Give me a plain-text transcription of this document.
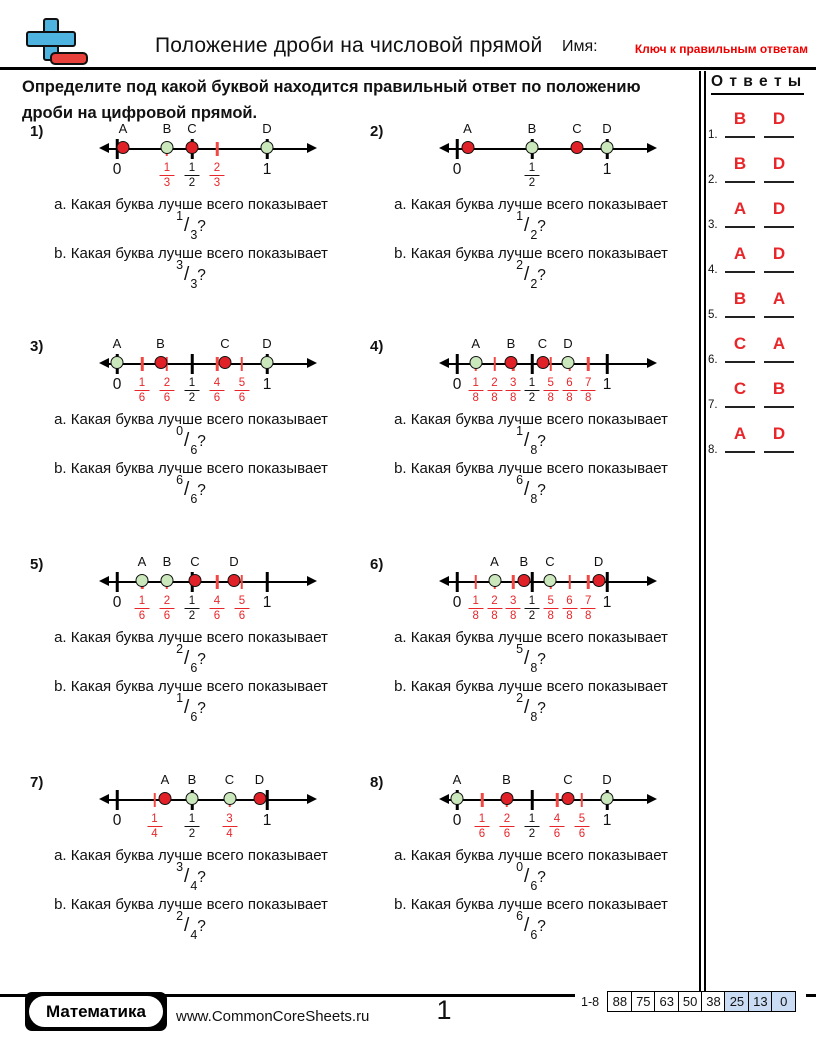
Положение дроби на числовой прямой Имя:	Ключ к правильным ответам
Определите под какой буквой находится правильный ответ по положению дроби на цифровой прямой.
О т в е т ы
1.
B	D
2.
B	D
3.
A	D
4.
A	D
5.
B	A
6.
C	A
7.
C	B
8.
A	D
1)
0	$\frac{1}{3} \frac{1}{2} \frac{2}{3} 1$
A	B C	D
a. Какая буква лучше всего показывает
$^1/_3$?
b. Какая буква лучше всего показывает
$^3/_3$?
2)
0	$\frac{1}{2}$	1
A	B	C D
a. Какая буква лучше всего показывает
$^1/_2$?
b. Какая буква лучше всего показывает
$^2/_2$?
3)
$0 \frac{1}{6} \frac{2}{6} \frac{1}{2} \frac{4}{6} \frac{5}{6} 1$
A	B	C	D
a. Какая буква лучше всего показывает
$^0/_6$?
b. Какая буква лучше всего показывает
$^6/_6$?
4)
$0 \frac{1}{8} \frac{2}{8} \frac{3}{8} \frac{1}{2} \frac{5}{8} \frac{6}{8} \frac{7}{8} 1$
A B C D
a. Какая буква лучше всего показывает
$^1/_8$?
b. Какая буква лучше всего показывает
$^6/_8$?
5)
$0 \frac{1}{6} \frac{2}{6} \frac{1}{2} \frac{4}{6} \frac{5}{6} 1$
A B C D
a. Какая буква лучше всего показывает
$^2/_6$?
b. Какая буква лучше всего показывает
$^1/_6$?
6)
$0 \frac{1}{8} \frac{2}{8} \frac{3}{8} \frac{1}{2} \frac{5}{8} \frac{6}{8} \frac{7}{8} 1$
A B C	D
a. Какая буква лучше всего показывает
$^5/_8$?
b. Какая буква лучше всего показывает
$^2/_8$?
7)
$0 \frac{1}{4} \frac{1}{2} \frac{3}{4} 1$
A B C D
a. Какая буква лучше всего показывает
$^3/_4$?
b. Какая буква лучше всего показывает
$^2/_4$?
8)
$0 \frac{1}{6} \frac{2}{6} \frac{1}{2} \frac{4}{6} \frac{5}{6} 1$
A	B	C D
a. Какая буква лучше всего показывает
$^0/_6$?
b. Какая буква лучше всего показывает
$^6/_6$?
Математика	www.CommonCoreSheets.ru	1	1-8	88 75 63 50 38 25 13 0
